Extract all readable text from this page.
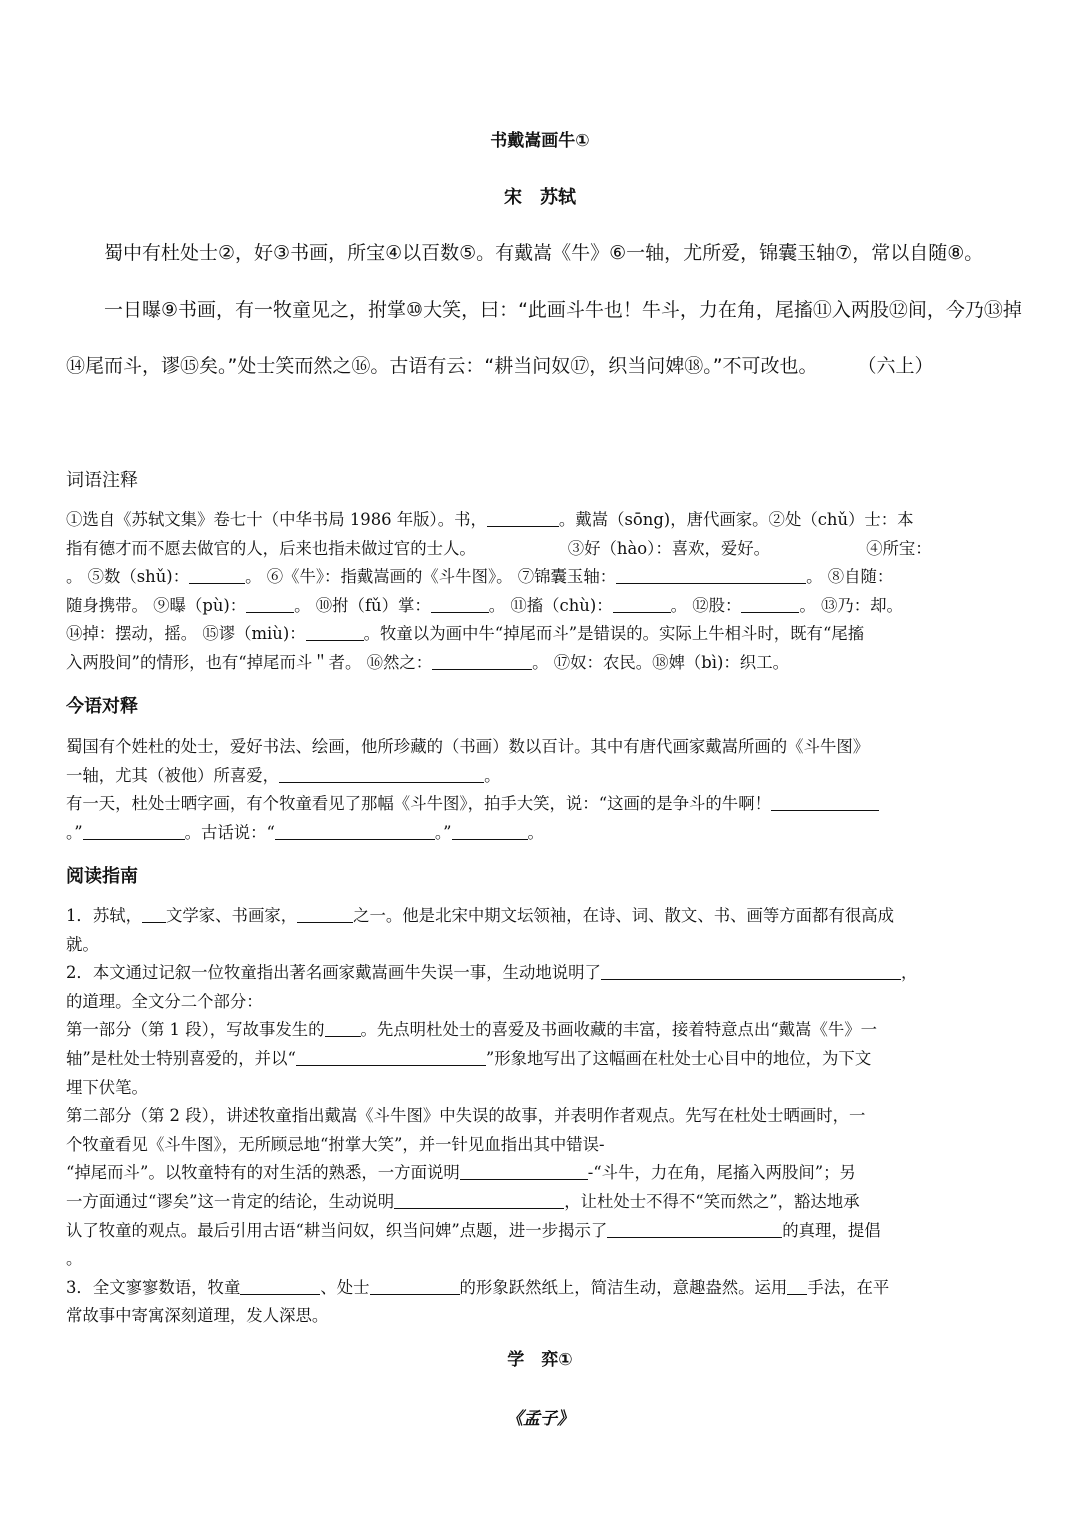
书戴嵩画牛①
宋　苏轼
蜀中有杜处士②，好③书画，所宝④以百数⑤。有戴嵩《牛》⑥一轴，尤所爱，锦囊玉轴⑦，常以自随⑧。
一日曝⑨书画，有一牧童见之，拊掌⑩大笑，曰：“此画斗牛也！牛斗，力在角，尾搐⑪入两股⑫间，今乃⑬掉
⑭尾而斗，谬⑮矣。”处士笑而然之⑯。古语有云：“耕当问奴⑰，织当问婢⑱。”不可改也。 （六上）
词语注释
①选自《苏轼文集》卷七十（中华书局 1986 年版）。书，	。戴嵩（sōng)，唐代画家。②处（chǔ）士：本
指有德才而不愿去做官的人，后来也指未做过官的士人。	③好（hào）：喜欢，爱好。	④所宝：
。 ⑤数（shǔ)：	。 ⑥《牛》：指戴嵩画的《斗牛图》。 ⑦锦囊玉轴：	。 ⑧自随：
随身携带。 ⑨曝（pù)：	。 ⑩拊（fǔ）掌：	。 ⑪搐（chù)：	。 ⑫股：	。 ⑬乃：却。
⑭掉：摆动，摇。 ⑮谬（miù)：	。牧童以为画中牛“掉尾而斗”是错误的。实际上牛相斗时，既有“尾搐
入两股间”的情形，也有“掉尾而斗＂者。 ⑯然之：	。 ⑰奴：农民。⑱婢（bì)：织工。
今语对释
蜀国有个姓杜的处士，爱好书法、绘画，他所珍藏的（书画）数以百计。其中有唐代画家戴嵩所画的《斗牛图》
一轴，尤其（被他）所喜爱，	。
有一天，杜处士晒字画，有个牧童看见了那幅《斗牛图》，拍手大笑，说：“这画的是争斗的牛啊！
。”	。古话说：“	。”	。
阅读指南
1．苏轼， 文学家、书画家，	之一。他是北宋中期文坛领袖，在诗、词、散文、书、画等方面都有很高成
就。
2．本文通过记叙一位牧童指出著名画家戴嵩画牛失误一事，生动地说明了	，
的道理。全文分二个部分：
第一部分（第 1 段），写故事发生的 。先点明杜处士的喜爱及书画收藏的丰富，接着特意点出“戴嵩《牛》一
轴”是杜处士特别喜爱的，并以“	”形象地写出了这幅画在杜处士心目中的地位，为下文
埋下伏笔。
第二部分（第 2 段），讲述牧童指出戴嵩《斗牛图》中失误的故事，并表明作者观点。先写在杜处士晒画时，一
个牧童看见《斗牛图》，无所顾忌地“拊掌大笑”，并一针见血指出其中错误-
“掉尾而斗”。以牧童特有的对生活的熟悉，一方面说明	-“斗牛，力在角，尾搐入两股间”；另
一方面通过“谬矣”这一肯定的结论，生动说明	，让杜处士不得不“笑而然之”，豁达地承
认了牧童的观点。最后引用古语“耕当问奴，织当问婢”点题，进一步揭示了	的真理，提倡
。
3．全文寥寥数语，牧童	、处士	的形象跃然纸上，简洁生动，意趣盎然。运用 手法，在平
常故事中寄寓深刻道理，发人深思。
学　弈①
《孟子》
